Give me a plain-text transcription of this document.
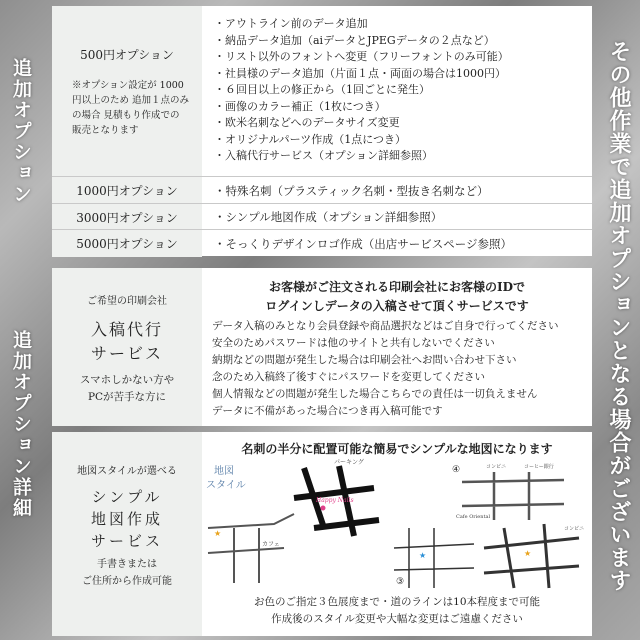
追加オプション
追加オプション詳細	その他作業で追加オプションとなる場合がございます
500円オプション
※オプション設定が 1000円以上のため 追加１点のみの場合 見積もり作成での 販売となります
・アウトライン前のデータ追加
・納品データ追加（aiデータとJPEGデータの２点など）
・リスト以外のフォントへ変更（フリーフォントのみ可能）
・社員様のデータ追加（片面１点・両面の場合は1000円）
・６回目以上の修正から（1回ごとに発生）
・画像のカラー補正（1枚につき）
・欧米名刺などへのデータサイズ変更
・オリジナルパーツ作成（1点につき）
・入稿代行サービス（オプション詳細参照）
1000円オプション	・特殊名刺（プラスティック名刺・型抜き名刺など）
3000円オプション	・シンプル地図作成（オプション詳細参照）
5000円オプション	・そっくりデザインロゴ作成（出店サービスページ参照）
ご希望の印刷会社
入稿代行
サービス
スマホしかない方や
PCが苦手な方に
お客様がご注文される印刷会社にお客様のIDで
ログインしデータの入稿させて頂くサービスです
データ入稿のみとなり会員登録や商品選択などはご自身で行ってください
安全のためパスワードは他のサイトと共有しないでください
納期などの問題が発生した場合は印刷会社へお問い合わせ下さい
念のため入稿終了後すぐにパスワードを変更してください
個人情報などの問題が発生した場合こちらでの責任は一切負えません
データに不備があった場合につき再入稿可能です
地図スタイルが選べる
シンプル
地図作成
サービス
手書きまたは
ご住所から作成可能
名刺の半分に配置可能な簡易でシンプルな地図になります
地図
スタイル
★
カフェ
パーキング
Happy Nails
★
③
④	コンビニ	コーヒー銀行
Cafe Oriental
★
コンビニ
お色のご指定３色展度まで・道のラインは10本程度まで可能
作成後のスタイル変更や大幅な変更はご遠慮ください
